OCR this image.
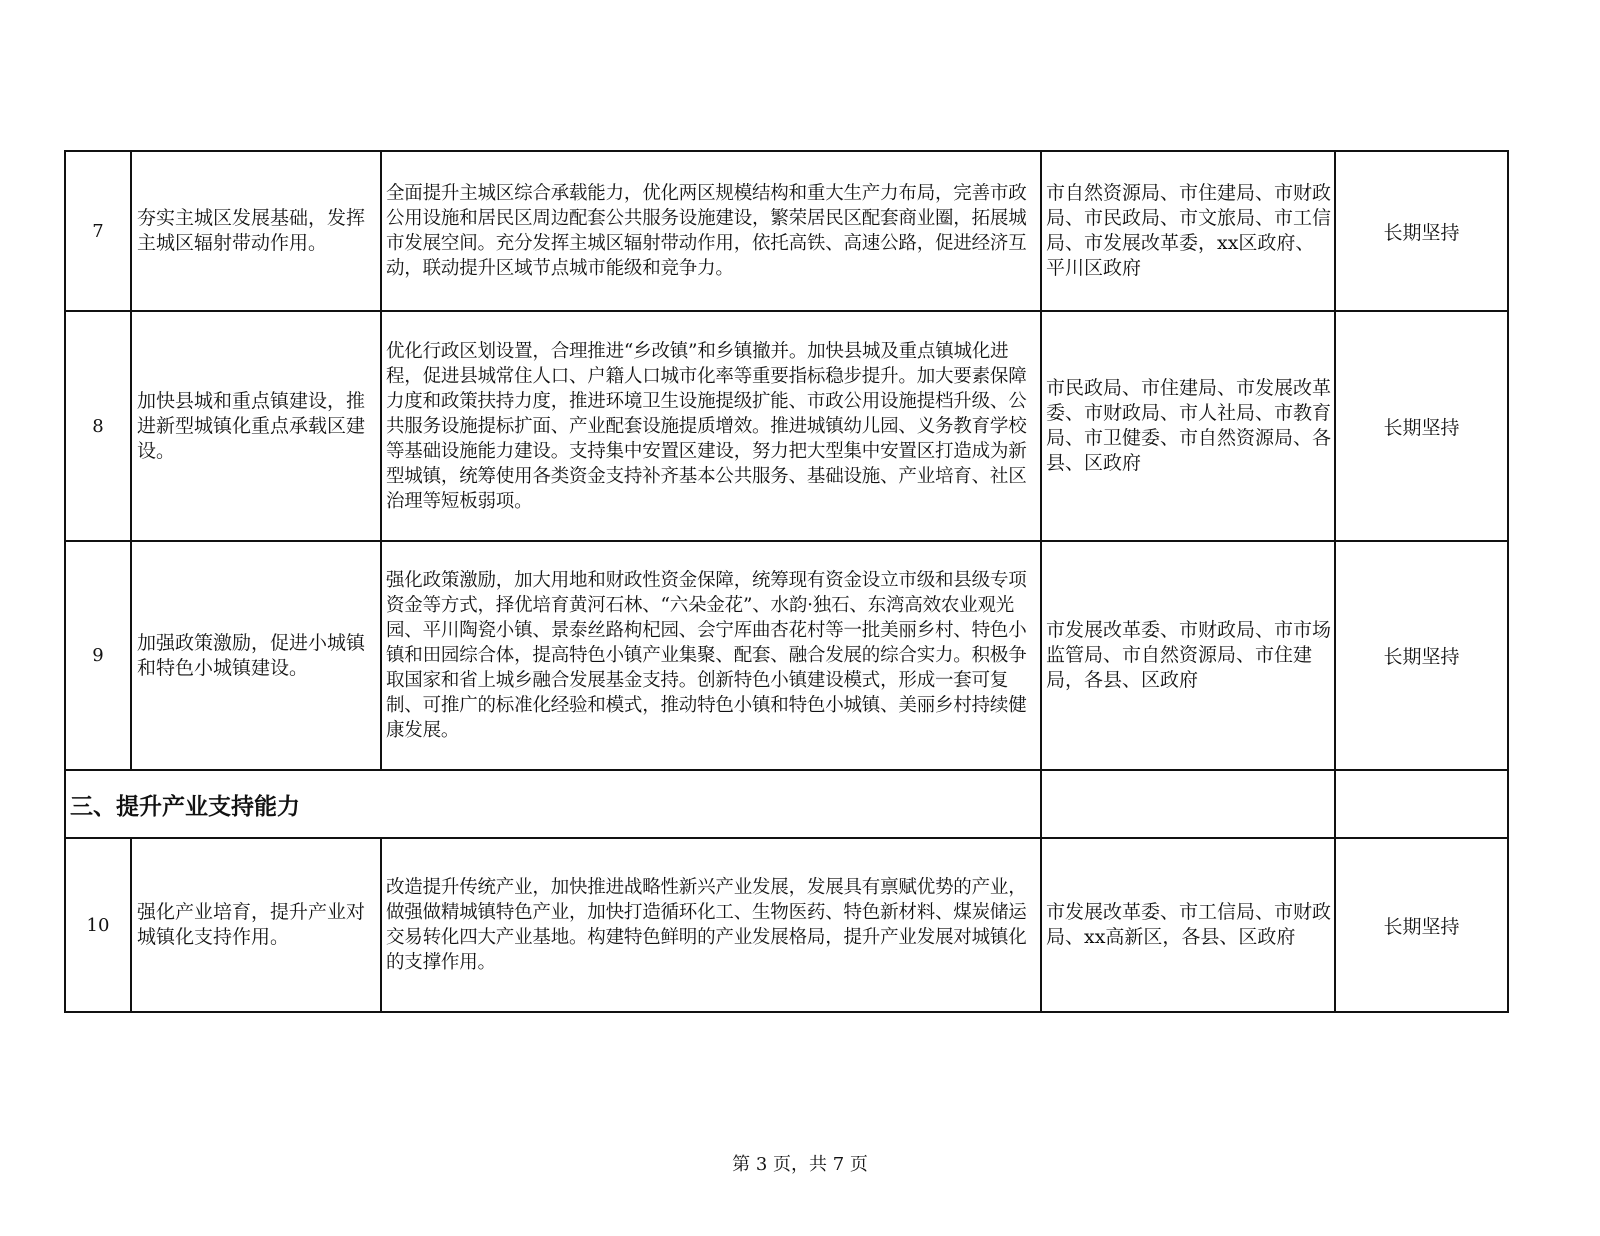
7	夯实主城区发展基础，发挥主城区辐射带动作用。	全面提升主城区综合承载能力，优化两区规模结构和重大生产力布局，完善市政公用设施和居民区周边配套公共服务设施建设，繁荣居民区配套商业圈，拓展城市发展空间。充分发挥主城区辐射带动作用，依托高铁、高速公路，促进经济互动，联动提升区域节点城市能级和竞争力。	市自然资源局、市住建局、市财政局、市民政局、市文旅局、市工信局、市发展改革委，xx区政府、平川区政府	长期坚持
8	加快县城和重点镇建设，推进新型城镇化重点承载区建设。	优化行政区划设置，合理推进“乡改镇”和乡镇撤并。加快县城及重点镇城化进程，促进县城常住人口、户籍人口城市化率等重要指标稳步提升。加大要素保障力度和政策扶持力度，推进环境卫生设施提级扩能、市政公用设施提档升级、公共服务设施提标扩面、产业配套设施提质增效。推进城镇幼儿园、义务教育学校等基础设施能力建设。支持集中安置区建设，努力把大型集中安置区打造成为新型城镇，统筹使用各类资金支持补齐基本公共服务、基础设施、产业培育、社区治理等短板弱项。	市民政局、市住建局、市发展改革委、市财政局、市人社局、市教育局、市卫健委、市自然资源局、各县、区政府	长期坚持
9	加强政策激励，促进小城镇和特色小城镇建设。	强化政策激励，加大用地和财政性资金保障，统筹现有资金设立市级和县级专项资金等方式，择优培育黄河石林、“六朵金花”、水韵·独石、东湾高效农业观光园、平川陶瓷小镇、景泰丝路枸杞园、会宁厍曲杏花村等一批美丽乡村、特色小镇和田园综合体，提高特色小镇产业集聚、配套、融合发展的综合实力。积极争取国家和省上城乡融合发展基金支持。创新特色小镇建设模式，形成一套可复制、可推广的标准化经验和模式，推动特色小镇和特色小城镇、美丽乡村持续健康发展。	市发展改革委、市财政局、市市场监管局、市自然资源局、市住建局，各县、区政府	长期坚持
三、提升产业支持能力				
10	强化产业培育，提升产业对城镇化支持作用。	改造提升传统产业，加快推进战略性新兴产业发展，发展具有禀赋优势的产业，做强做精城镇特色产业，加快打造循环化工、生物医药、特色新材料、煤炭储运交易转化四大产业基地。构建特色鲜明的产业发展格局，提升产业发展对城镇化的支撑作用。	市发展改革委、市工信局、市财政局、xx高新区，各县、区政府	长期坚持
第 3 页，共 7 页
